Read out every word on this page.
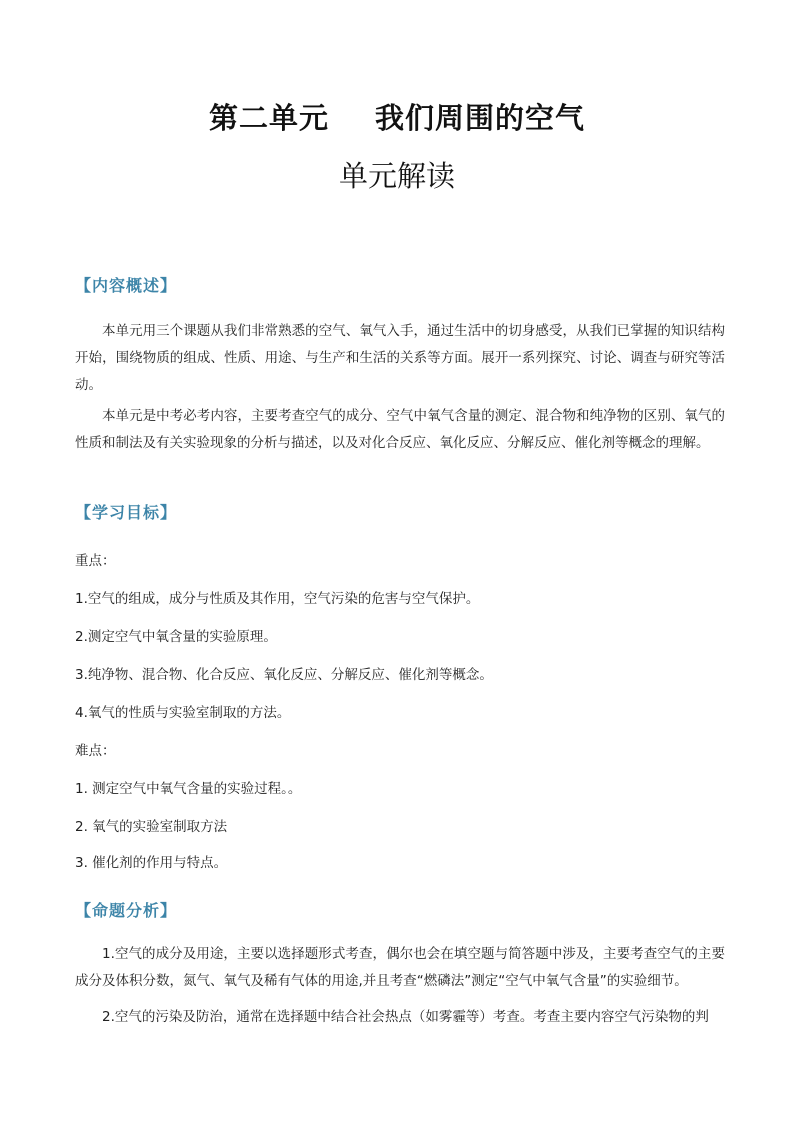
第二单元 我们周围的空气
单元解读
【内容概述】
本单元用三个课题从我们非常熟悉的空气、氧气入手，通过生活中的切身感受，从我们已掌握的知识结构开始，围绕物质的组成、性质、用途、与生产和生活的关系等方面。展开一系列探究、讨论、调查与研究等活动。
本单元是中考必考内容，主要考查空气的成分、空气中氧气含量的测定、混合物和纯净物的区别、氧气的性质和制法及有关实验现象的分析与描述，以及对化合反应、氧化反应、分解反应、催化剂等概念的理解。
【学习目标】
重点：
1.空气的组成，成分与性质及其作用，空气污染的危害与空气保护。
2.测定空气中氧含量的实验原理。
3.纯净物、混合物、化合反应、氧化反应、分解反应、催化剂等概念。
4.氧气的性质与实验室制取的方法。
难点：
1. 测定空气中氧气含量的实验过程。。
2. 氧气的实验室制取方法
3. 催化剂的作用与特点。
【命题分析】
1.空气的成分及用途，主要以选择题形式考查，偶尔也会在填空题与简答题中涉及，主要考查空气的主要成分及体积分数，氮气、氧气及稀有气体的用途,并且考查“燃磷法”测定“空气中氧气含量”的实验细节。
2.空气的污染及防治，通常在选择题中结合社会热点（如雾霾等）考查。考查主要内容空气污染物的判
